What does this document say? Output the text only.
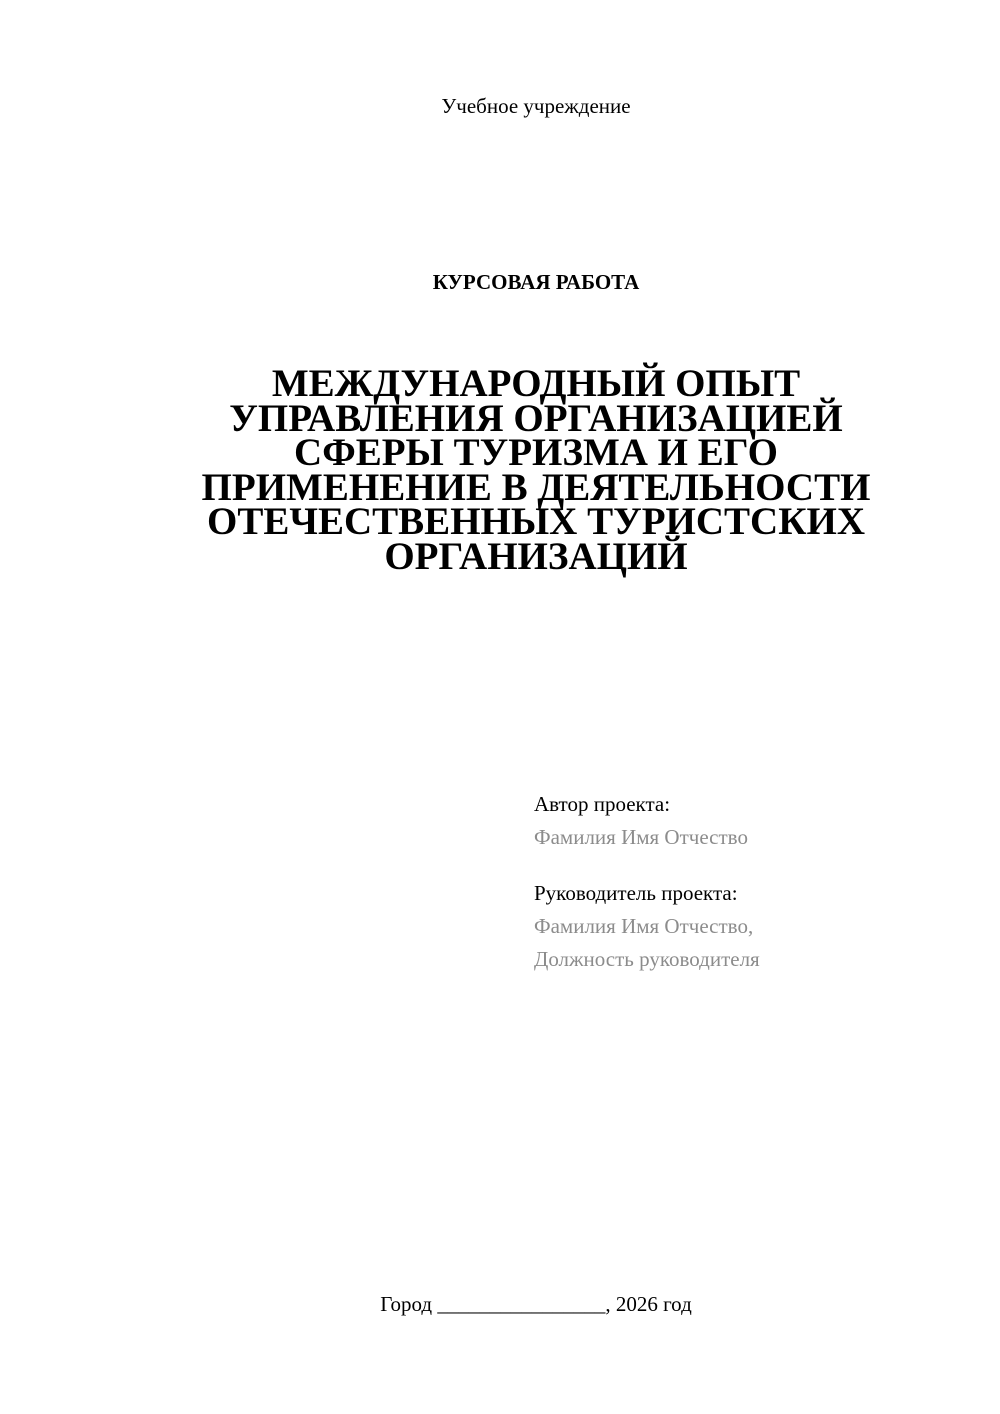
Учебное учреждение
КУРСОВАЯ РАБОТА
МЕЖДУНАРОДНЫЙ ОПЫТ
УПРАВЛЕНИЯ ОРГАНИЗАЦИЕЙ
СФЕРЫ ТУРИЗМА И ЕГО
ПРИМЕНЕНИЕ В ДЕЯТЕЛЬНОСТИ
ОТЕЧЕСТВЕННЫХ ТУРИСТСКИХ
ОРГАНИЗАЦИЙ
Автор проекта:
Фамилия Имя Отчество
Руководитель проекта:
Фамилия Имя Отчество,
Должность руководителя
Город ________________, 2026 год
